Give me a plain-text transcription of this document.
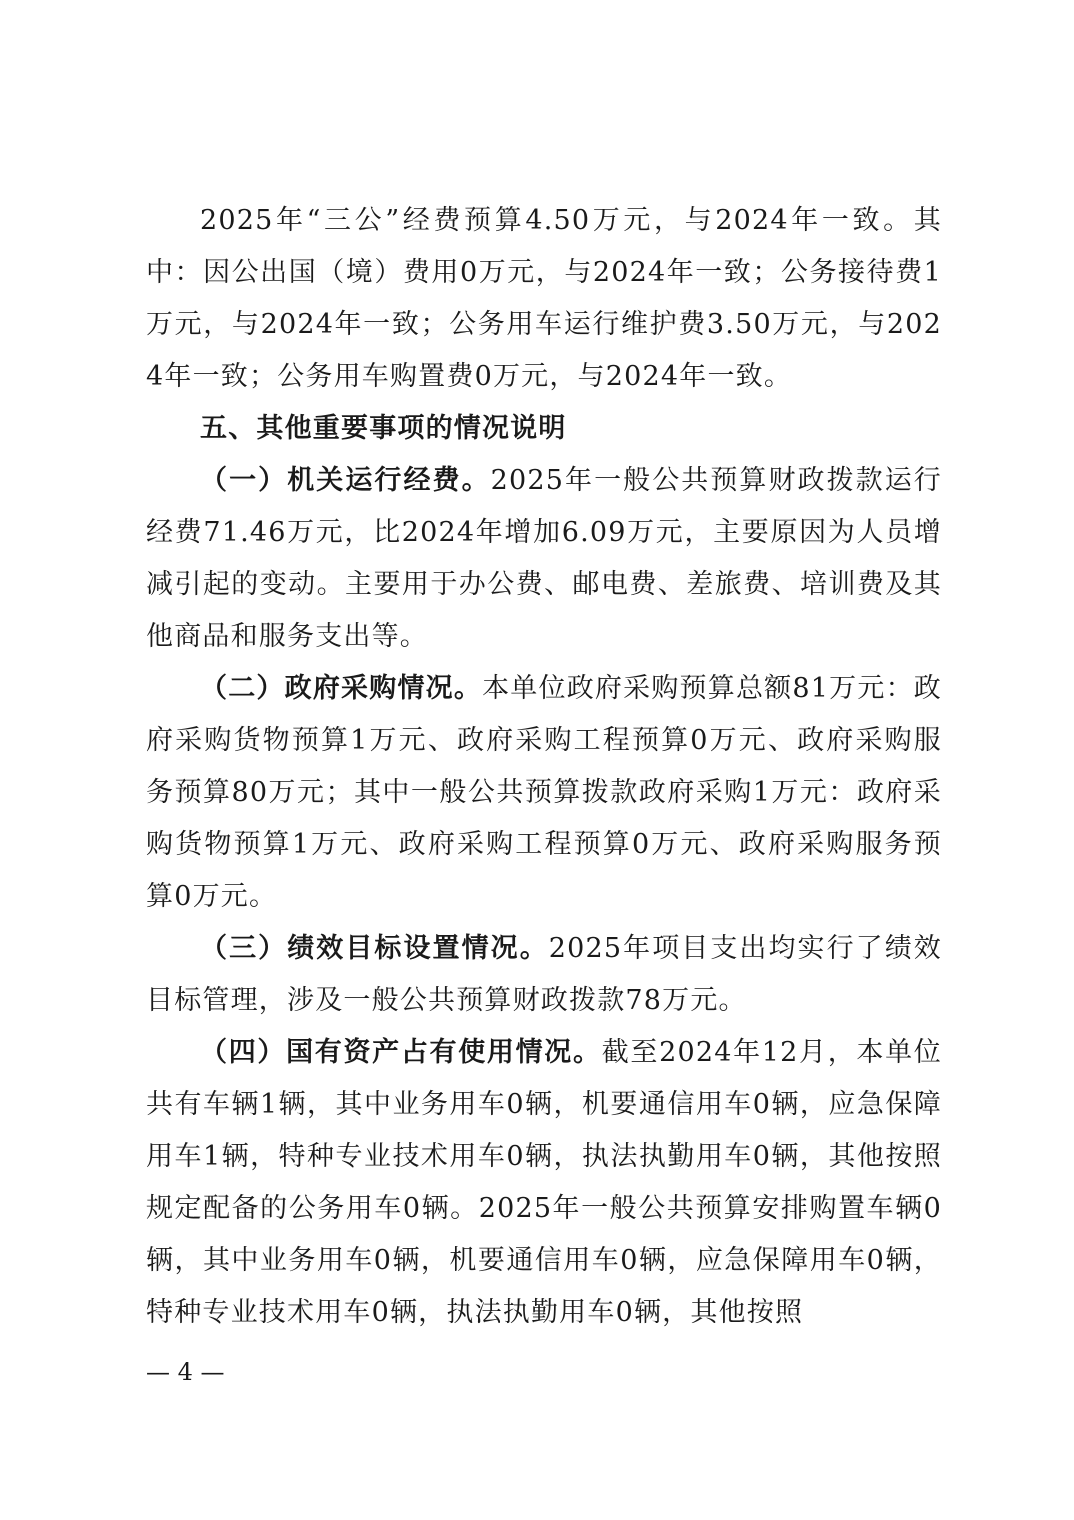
2025年“三公”经费预算4.50万元，与2024年一致。其中：因公出国（境）费用0万元，与2024年一致；公务接待费1万元，与2024年一致；公务用车运行维护费3.50万元，与2024年一致；公务用车购置费0万元，与2024年一致。

五、其他重要事项的情况说明

（一）机关运行经费。2025年一般公共预算财政拨款运行经费71.46万元，比2024年增加6.09万元，主要原因为人员增减引起的变动。主要用于办公费、邮电费、差旅费、培训费及其他商品和服务支出等。

（二）政府采购情况。本单位政府采购预算总额81万元：政府采购货物预算1万元、政府采购工程预算0万元、政府采购服务预算80万元；其中一般公共预算拨款政府采购1万元：政府采购货物预算1万元、政府采购工程预算0万元、政府采购服务预算0万元。

（三）绩效目标设置情况。2025年项目支出均实行了绩效目标管理，涉及一般公共预算财政拨款78万元。

（四）国有资产占有使用情况。截至2024年12月，本单位共有车辆1辆，其中业务用车0辆，机要通信用车0辆，应急保障用车1辆，特种专业技术用车0辆，执法执勤用车0辆，其他按照规定配备的公务用车0辆。2025年一般公共预算安排购置车辆0辆，其中业务用车0辆，机要通信用车0辆，应急保障用车0辆，特种专业技术用车0辆，执法执勤用车0辆，其他按照

— 4 —
